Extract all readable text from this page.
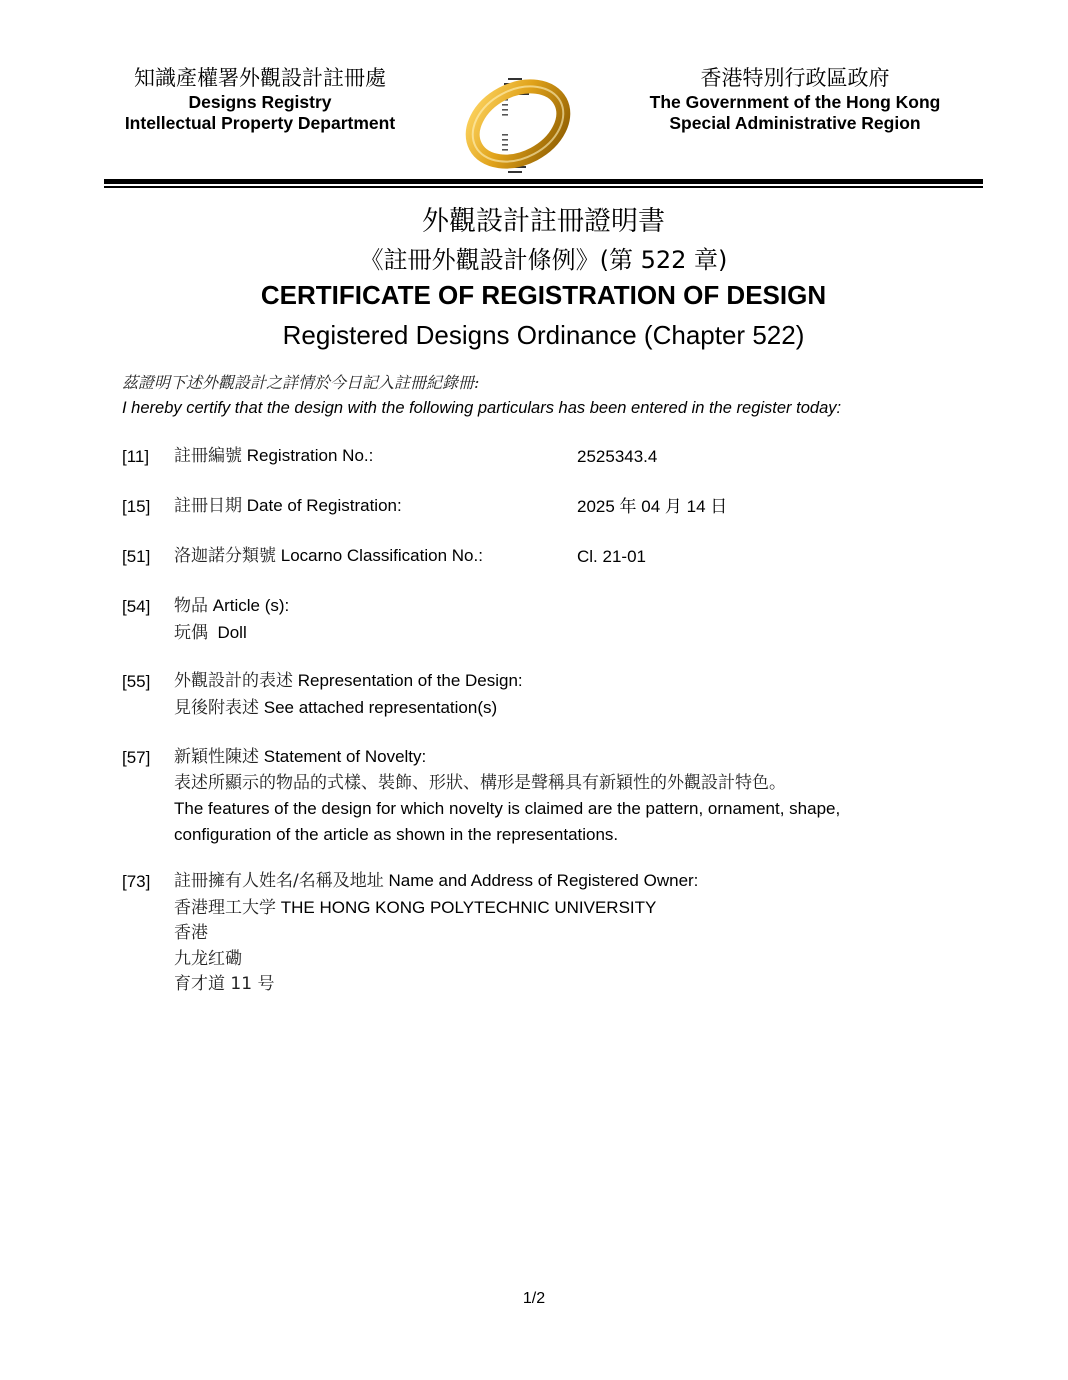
知識產權署外觀設計註冊處
Designs Registry
Intellectual Property Department
香港特別行政區政府
The Government of the Hong Kong
Special Administrative Region
外觀設計註冊證明書
《註冊外觀設計條例》(第 522 章)
CERTIFICATE OF REGISTRATION OF DESIGN
Registered Designs Ordinance (Chapter 522)
茲證明下述外觀設計之詳情於今日記入註冊紀錄冊:
I hereby certify that the design with the following particulars has been entered in the register today:
[11]	註冊編號 Registration No.:	2525343.4
[15]	註冊日期 Date of Registration:	2025 年 04 月 14 日
[51]	洛迦諾分類號 Locarno Classification No.:	Cl. 21-01
[54]	物品 Article (s):
玩偶 Doll
[55]	外觀設計的表述 Representation of the Design:
見後附表述 See attached representation(s)
[57]	新穎性陳述 Statement of Novelty:
表述所顯示的物品的式樣、裝飾、形狀、構形是聲稱具有新穎性的外觀設計特色。
The features of the design for which novelty is claimed are the pattern, ornament, shape,
configuration of the article as shown in the representations.
[73]	註冊擁有人姓名/名稱及地址 Name and Address of Registered Owner:
香港理工大学 THE HONG KONG POLYTECHNIC UNIVERSITY
香港
九龙红磡
育才道 11 号
1/2
